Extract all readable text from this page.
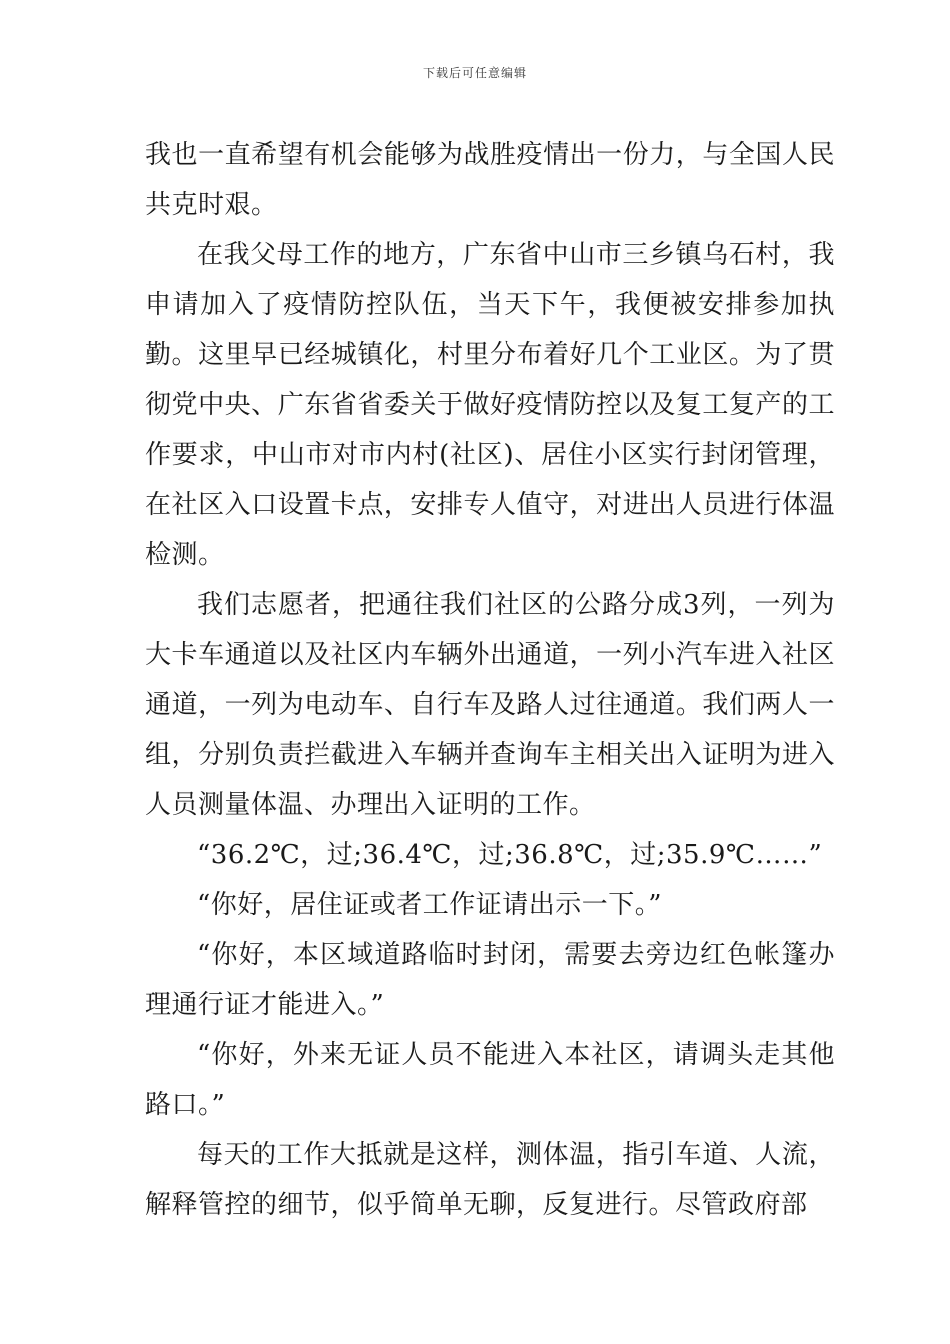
下载后可任意编辑

我也一直希望有机会能够为战胜疫情出一份力，与全国人民共克时艰。

在我父母工作的地方，广东省中山市三乡镇乌石村，我申请加入了疫情防控队伍，当天下午，我便被安排参加执勤。这里早已经城镇化，村里分布着好几个工业区。为了贯彻党中央、广东省省委关于做好疫情防控以及复工复产的工作要求，中山市对市内村(社区)、居住小区实行封闭管理，在社区入口设置卡点，安排专人值守，对进出人员进行体温检测。

我们志愿者，把通往我们社区的公路分成3列，一列为大卡车通道以及社区内车辆外出通道，一列小汽车进入社区通道，一列为电动车、自行车及路人过往通道。我们两人一组，分别负责拦截进入车辆并查询车主相关出入证明为进入人员测量体温、办理出入证明的工作。

“36.2℃，过;36.4℃，过;36.8℃，过;35.9℃……”

“你好，居住证或者工作证请出示一下。”

“你好，本区域道路临时封闭，需要去旁边红色帐篷办理通行证才能进入。”

“你好，外来无证人员不能进入本社区，请调头走其他路口。”

每天的工作大抵就是这样，测体温，指引车道、人流，解释管控的细节，似乎简单无聊，反复进行。尽管政府部
